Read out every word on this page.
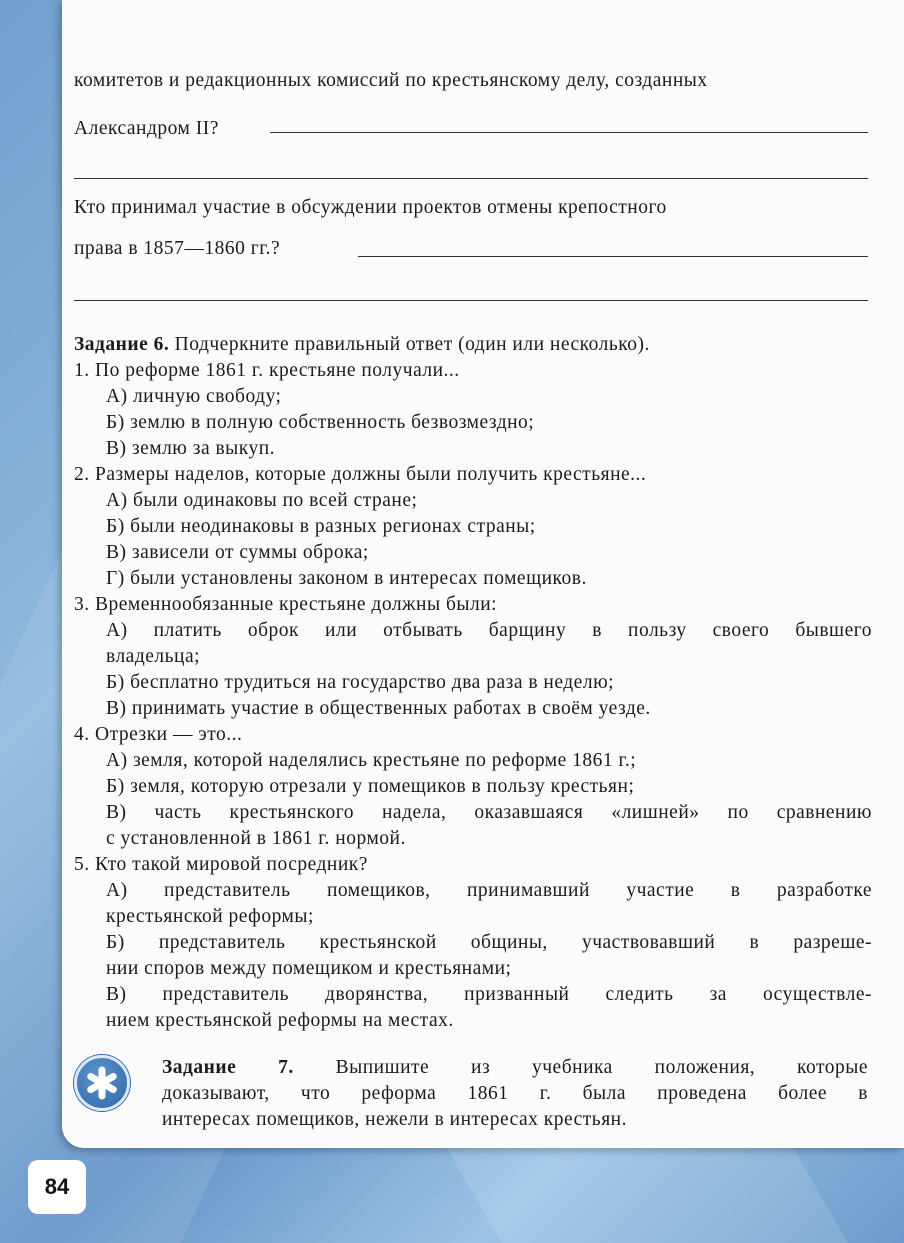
комитетов и редакционных комиссий по крестьянскому делу, созданных
Александром II?
Кто принимал участие в обсуждении проектов отмены крепостного
права в 1857—1860 гг.?
Задание 6. Подчеркните правильный ответ (один или несколько).
1. По реформе 1861 г. крестьяне получали...
А) личную свободу;
Б) землю в полную собственность безвозмездно;
В) землю за выкуп.
2. Размеры наделов, которые должны были получить крестьяне...
А) были одинаковы по всей стране;
Б) были неодинаковы в разных регионах страны;
В) зависели от суммы оброка;
Г) были установлены законом в интересах помещиков.
3. Временнообязанные крестьяне должны были:
А) платить оброк или отбывать барщину в пользу своего бывшего
владельца;
Б) бесплатно трудиться на государство два раза в неделю;
В) принимать участие в общественных работах в своём уезде.
4. Отрезки — это...
А) земля, которой наделялись крестьяне по реформе 1861 г.;
Б) земля, которую отрезали у помещиков в пользу крестьян;
В) часть крестьянского надела, оказавшаяся «лишней» по сравнению
с установленной в 1861 г. нормой.
5. Кто такой мировой посредник?
А) представитель помещиков, принимавший участие в разработке
крестьянской реформы;
Б) представитель крестьянской общины, участвовавший в разреше-
нии споров между помещиком и крестьянами;
В) представитель дворянства, призванный следить за осуществле-
нием крестьянской реформы на местах.
Задание 7. Выпишите из учебника положения, которые
доказывают, что реформа 1861 г. была проведена более в
интересах помещиков, нежели в интересах крестьян.
84
